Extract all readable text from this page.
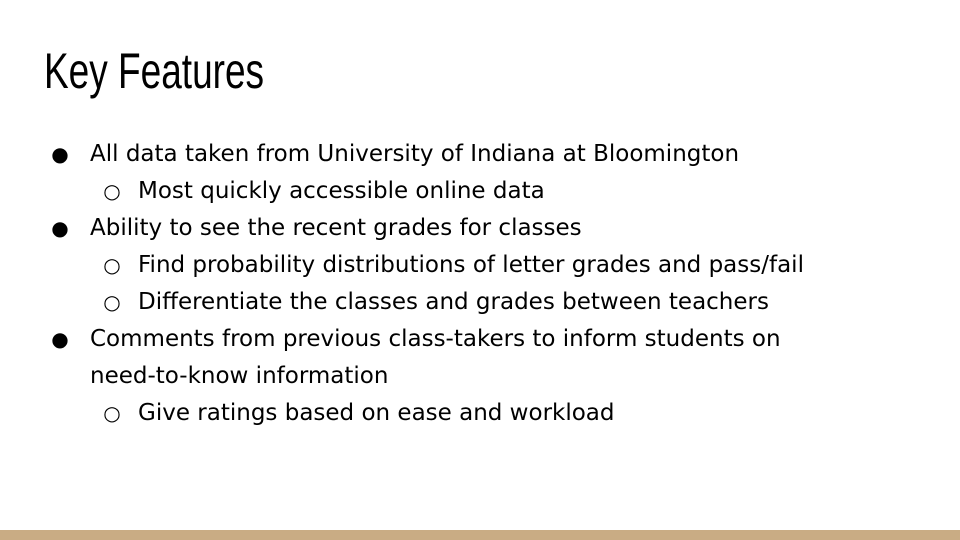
Key Features
● All data taken from University of Indiana at Bloomington
○ Most quickly accessible online data
● Ability to see the recent grades for classes
○ Find probability distributions of letter grades and pass/fail
○ Differentiate the classes and grades between teachers
● Comments from previous class-takers to inform students on need-to-know information
○ Give ratings based on ease and workload
